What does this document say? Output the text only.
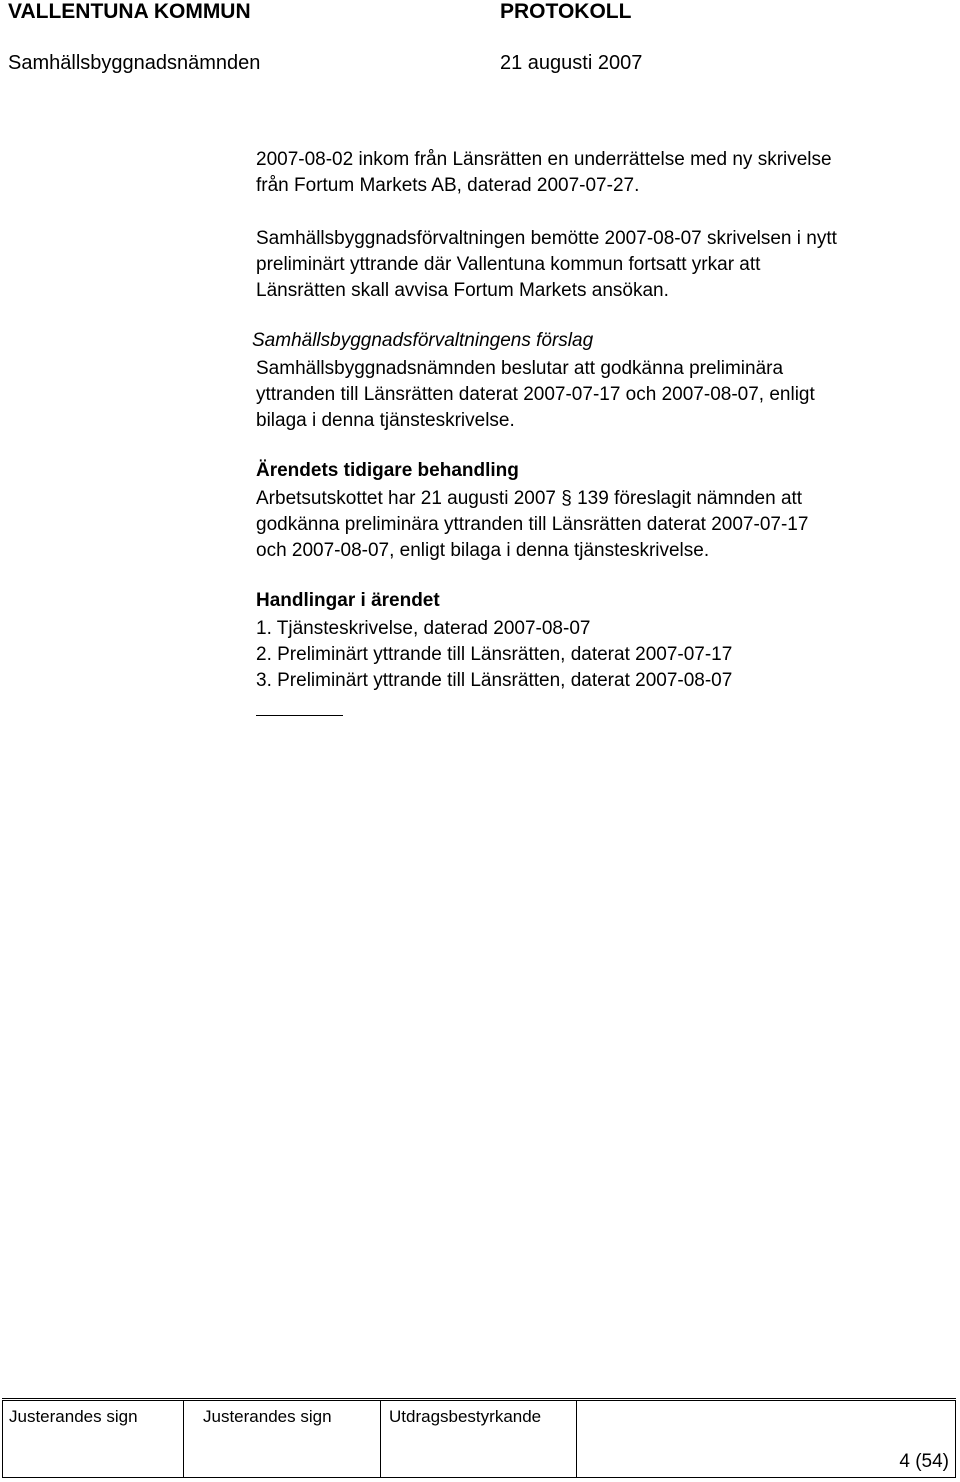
VALLENTUNA KOMMUN	PROTOKOLL
Samhällsbyggnadsnämnden	21 augusti 2007
2007-08-02 inkom från Länsrätten en underrättelse med ny skrivelse
från Fortum Markets AB, daterad 2007-07-27.
Samhällsbyggnadsförvaltningen bemötte 2007-08-07 skrivelsen i nytt
preliminärt yttrande där Vallentuna kommun fortsatt yrkar att
Länsrätten skall avvisa Fortum Markets ansökan.
Samhällsbyggnadsförvaltningens förslag
Samhällsbyggnadsnämnden beslutar att godkänna preliminära
yttranden till Länsrätten daterat 2007-07-17 och 2007-08-07, enligt
bilaga i denna tjänsteskrivelse.
Ärendets tidigare behandling
Arbetsutskottet har 21 augusti 2007 § 139 föreslagit nämnden att
godkänna preliminära yttranden till Länsrätten daterat 2007-07-17
och 2007-08-07, enligt bilaga i denna tjänsteskrivelse.
Handlingar i ärendet
1. Tjänsteskrivelse, daterad 2007-08-07
2. Preliminärt yttrande till Länsrätten, daterat 2007-07-17
3. Preliminärt yttrande till Länsrätten, daterat 2007-08-07
Justerandes sign	Justerandes sign	Utdragsbestyrkande
4 (54)
